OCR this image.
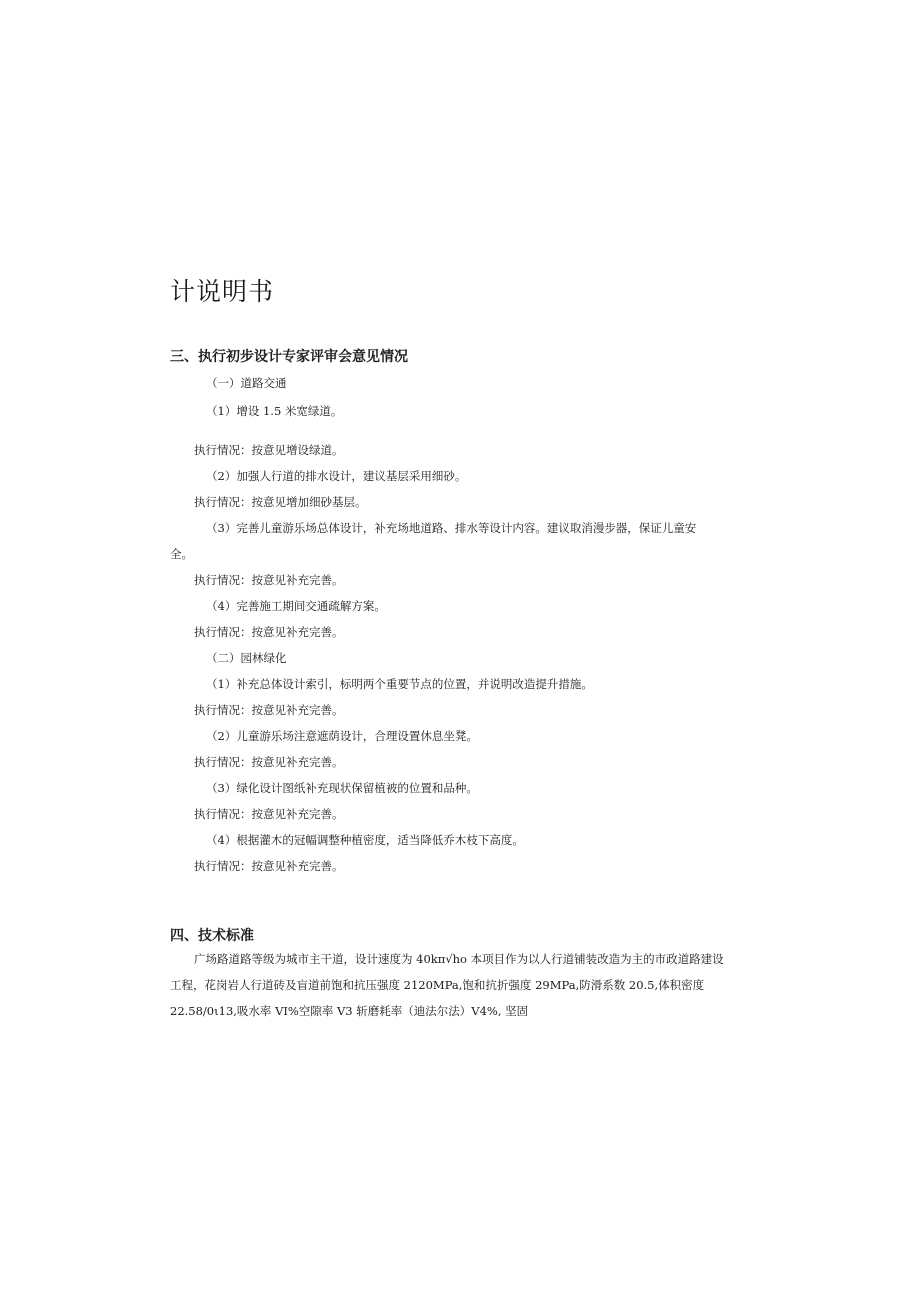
计说明书
三、执行初步设计专家评审会意见情况
（一）道路交通
（1）增设 1.5 米宽绿道。
执行情况：按意见增设绿道。
（2）加强人行道的排水设计，建议基层采用细砂。
执行情况：按意见增加细砂基层。
（3）完善儿童游乐场总体设计，补充场地道路、排水等设计内容。建议取消漫步器，保证儿童安
全。
执行情况：按意见补充完善。
（4）完善施工期间交通疏解方案。
执行情况：按意见补充完善。
（二）园林绿化
（1）补充总体设计索引，标明两个重要节点的位置，并说明改造提升措施。
执行情况：按意见补充完善。
（2）儿童游乐场注意遮荫设计，合理设置休息坐凳。
执行情况：按意见补充完善。
（3）绿化设计图纸补充现状保留植被的位置和品种。
执行情况：按意见补充完善。
（4）根据灌木的冠幅调整种植密度，适当降低乔木枝下高度。
执行情况：按意见补充完善。
四、技术标准
广场路道路等级为城市主干道，设计速度为 40kπ√ho 本项目作为以人行道铺装改造为主的市政道路建设
工程，花岗岩人行道砖及盲道前饱和抗压强度 2120MPa,饱和抗折强度 29MPa,防滑系数 20.5,体积密度
22.58/0ι13,吸水率 VI%空隙率 V3 斩磨耗率（迪法尔法）V4%, 坚固
